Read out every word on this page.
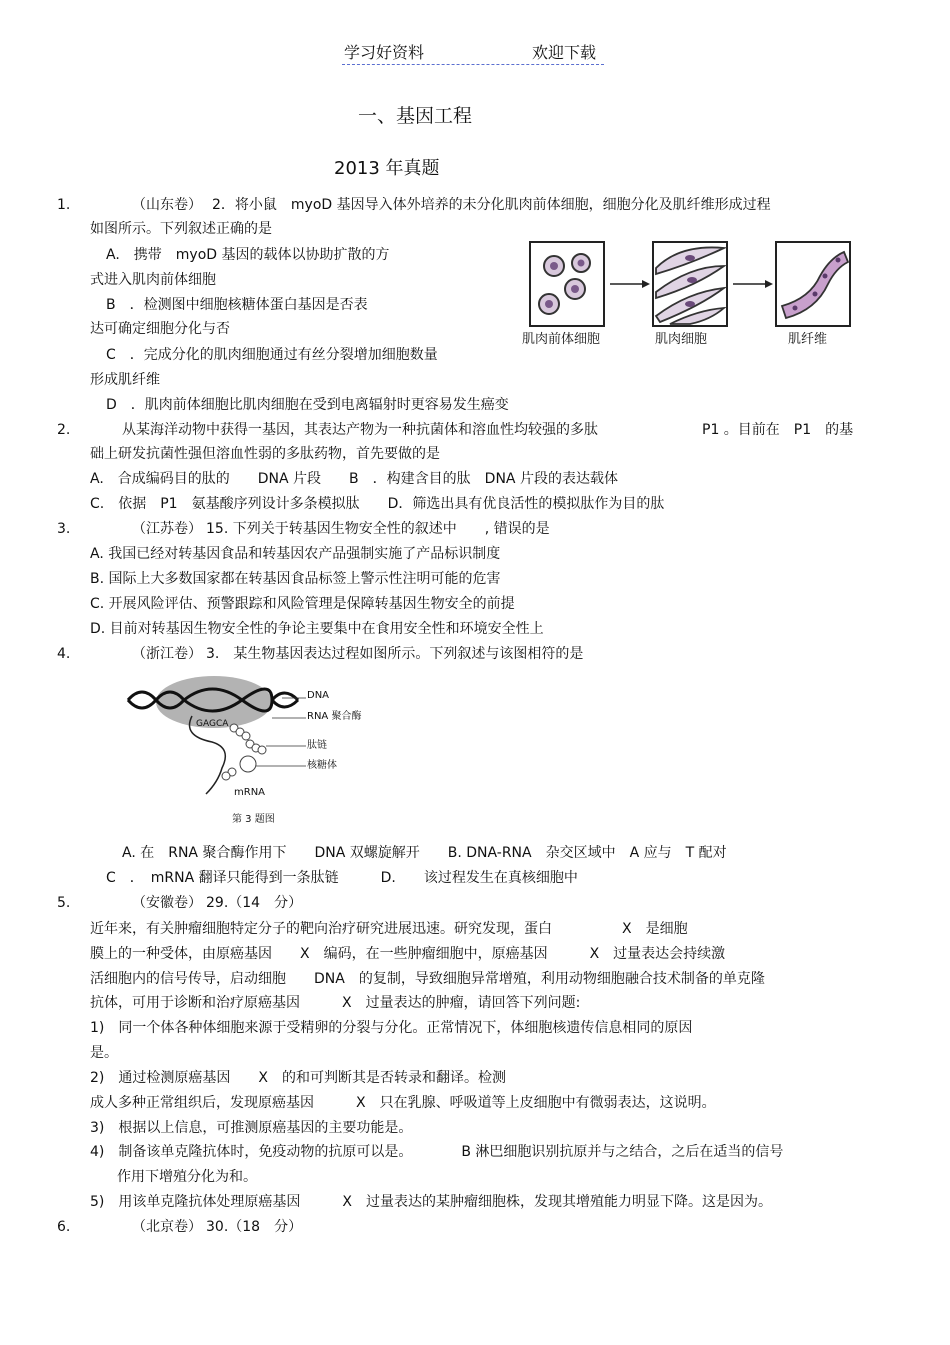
学习好资料	欢迎下载
一、基因工程
2013 年真题
1.	（山东卷） 2．将小鼠　myoD 基因导入体外培养的未分化肌肉前体细胞，细胞分化及肌纤维形成过程
如图所示。下列叙述正确的是
A.　携带　myoD 基因的载体以协助扩散的方
式进入肌肉前体细胞
B　．检测图中细胞核糖体蛋白基因是否表
达可确定细胞分化与否
C　．完成分化的肌肉细胞通过有丝分裂增加细胞数量
形成肌纤维
D　．肌肉前体细胞比肌肉细胞在受到电离辐射时更容易发生癌变
肌肉前体细胞	肌肉细胞	肌纤维
2.	从某海洋动物中获得一基因，其表达产物为一种抗菌体和溶血性均较强的多肽	P1 。目前在　P1　的基
础上研发抗菌性强但溶血性弱的多肽药物，首先要做的是
A.　合成编码目的肽的　　DNA 片段　　B　．构建含目的肽　DNA 片段的表达载体
C.　依据　P1　氨基酸序列设计多条模拟肽　　D．筛选出具有优良活性的模拟肽作为目的肽
3.	（江苏卷） 15. 下列关于转基因生物安全性的叙述中　　, 错误的是
A. 我国已经对转基因食品和转基因农产品强制实施了产品标识制度
B. 国际上大多数国家都在转基因食品标签上警示性注明可能的危害
C. 开展风险评估、预警跟踪和风险管理是保障转基因生物安全的前提
D. 目前对转基因生物安全性的争论主要集中在食用安全性和环境安全性上
4.	（浙江卷） 3.　某生物基因表达过程如图所示。下列叙述与该图相符的是
DNA
RNA 聚合酶
肽链
核糖体
GAGCA
mRNA
第 3 题图
A. 在　RNA 聚合酶作用下　　DNA 双螺旋解开　　B. DNA-RNA　杂交区域中　A 应与　T 配对
C　．　mRNA 翻译只能得到一条肽链　　　D.　　该过程发生在真核细胞中
5.	（安徽卷） 29.（14　分）
近年来，有关肿瘤细胞特定分子的靶向治疗研究进展迅速。研究发现，蛋白　　　　　X　是细胞
膜上的一种受体，由原癌基因　　X　编码，在一些肿瘤细胞中，原癌基因　　　X　过量表达会持续激
活细胞内的信号传导，启动细胞　　DNA　的复制，导致细胞异常增殖，利用动物细胞融合技术制备的单克隆
抗体，可用于诊断和治疗原癌基因　　　X　过量表达的肿瘤，请回答下列问题:
1)　同一个体各种体细胞来源于受精卵的分裂与分化。正常情况下，体细胞核遗传信息相同的原因
是。
2)　通过检测原癌基因　　X　的和可判断其是否转录和翻译。检测
成人多种正常组织后，发现原癌基因　　　X　只在乳腺、呼吸道等上皮细胞中有微弱表达，这说明。
3)　根据以上信息，可推测原癌基因的主要功能是。
4)　制备该单克隆抗体时，免疫动物的抗原可以是。　　　　B 淋巴细胞识别抗原并与之结合，之后在适当的信号
作用下增殖分化为和。
5)　用该单克隆抗体处理原癌基因　　　X　过量表达的某肿瘤细胞株，发现其增殖能力明显下降。这是因为。
6.	（北京卷） 30.（18　分）
